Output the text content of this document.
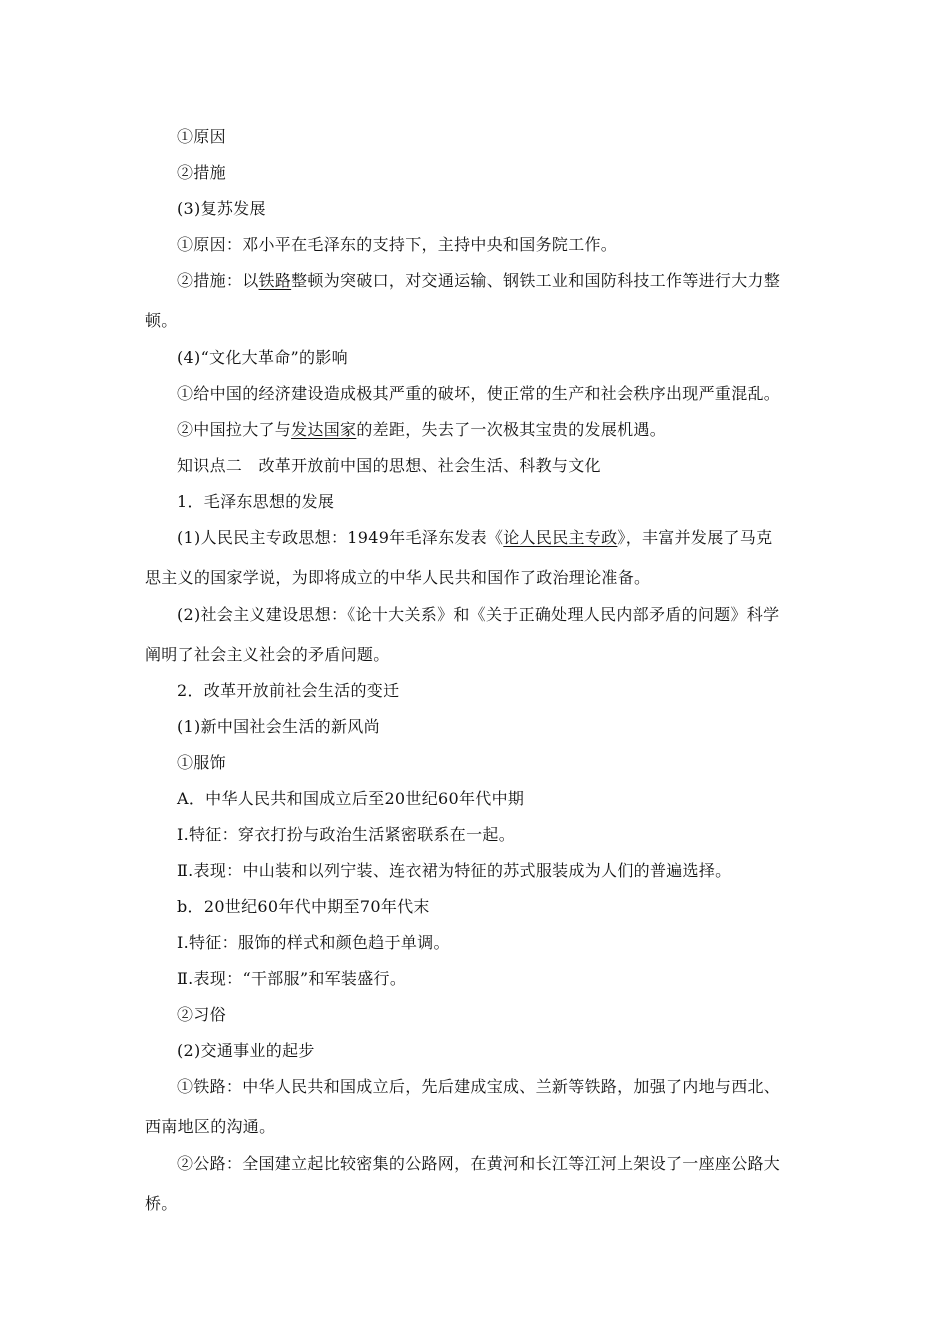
①原因
②措施
(3)复苏发展
①原因：邓小平在毛泽东的支持下，主持中央和国务院工作。
②措施：以铁路整顿为突破口，对交通运输、钢铁工业和国防科技工作等进行大力整
顿。
(4)“文化大革命”的影响
①给中国的经济建设造成极其严重的破坏，使正常的生产和社会秩序出现严重混乱。
②中国拉大了与发达国家的差距，失去了一次极其宝贵的发展机遇。
知识点二　改革开放前中国的思想、社会生活、科教与文化
1．毛泽东思想的发展
(1)人民民主专政思想：1949年毛泽东发表《论人民民主专政》，丰富并发展了马克
思主义的国家学说，为即将成立的中华人民共和国作了政治理论准备。
(2)社会主义建设思想：《论十大关系》和《关于正确处理人民内部矛盾的问题》科学
阐明了社会主义社会的矛盾问题。
2．改革开放前社会生活的变迁
(1)新中国社会生活的新风尚
①服饰
A．中华人民共和国成立后至20世纪60年代中期
Ⅰ.特征：穿衣打扮与政治生活紧密联系在一起。
Ⅱ.表现：中山装和以列宁装、连衣裙为特征的苏式服装成为人们的普遍选择。
b．20世纪60年代中期至70年代末
Ⅰ.特征：服饰的样式和颜色趋于单调。
Ⅱ.表现：“干部服”和军装盛行。
②习俗
(2)交通事业的起步
①铁路：中华人民共和国成立后，先后建成宝成、兰新等铁路，加强了内地与西北、
西南地区的沟通。
②公路：全国建立起比较密集的公路网，在黄河和长江等江河上架设了一座座公路大
桥。
